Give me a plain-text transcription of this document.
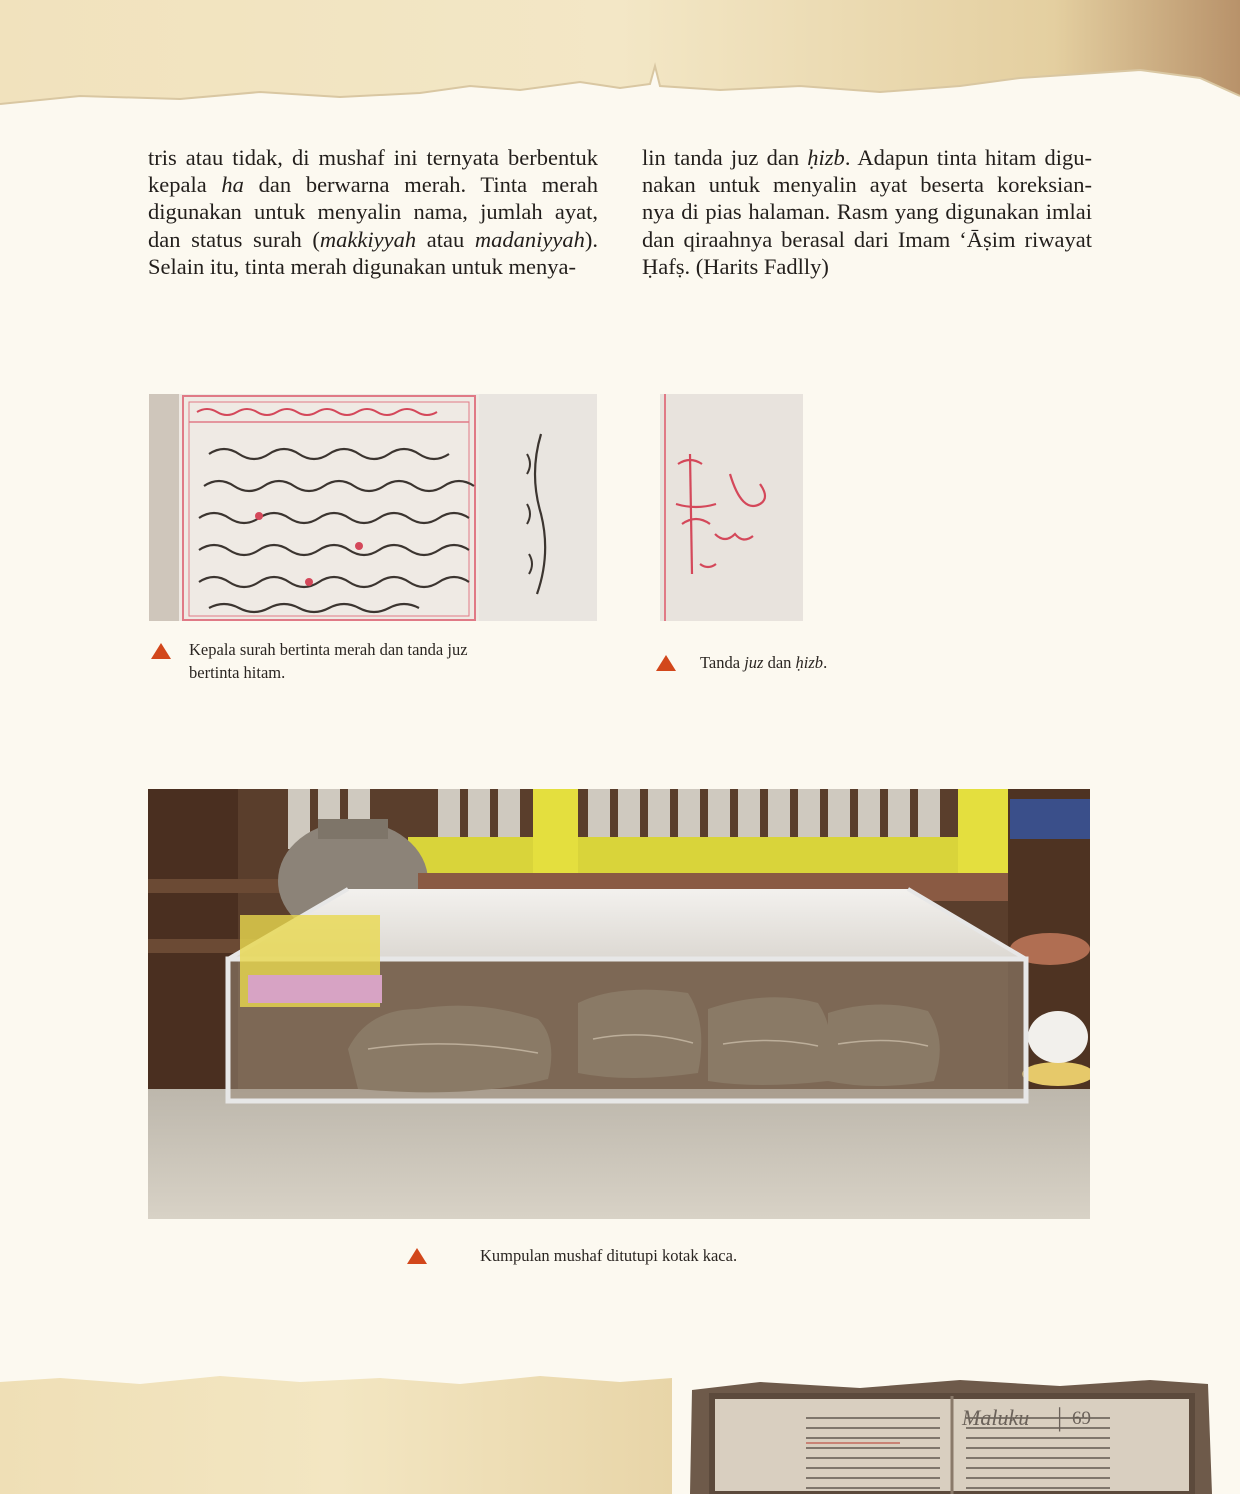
tris atau tidak, di mushaf ini ternyata berbentuk
kepala ha dan berwarna merah. Tinta merah
digunakan untuk menyalin nama, jumlah ayat,
dan status surah (makkiyyah atau madaniyyah).
Selain itu, tinta merah digunakan untuk menya-
lin tanda juz dan ḥizb. Adapun tinta hitam digu-
nakan untuk menyalin ayat beserta koreksian-
nya di pias halaman. Rasm yang digunakan imlai
dan qiraahnya berasal dari Imam ‘Āṣim riwayat
Ḥafṣ. (Harits Fadlly)
Kepala surah bertinta merah dan tanda juz
bertinta hitam.
Tanda juz dan ḥizb.
Kumpulan mushaf ditutupi kotak kaca.
Maluku | 69
